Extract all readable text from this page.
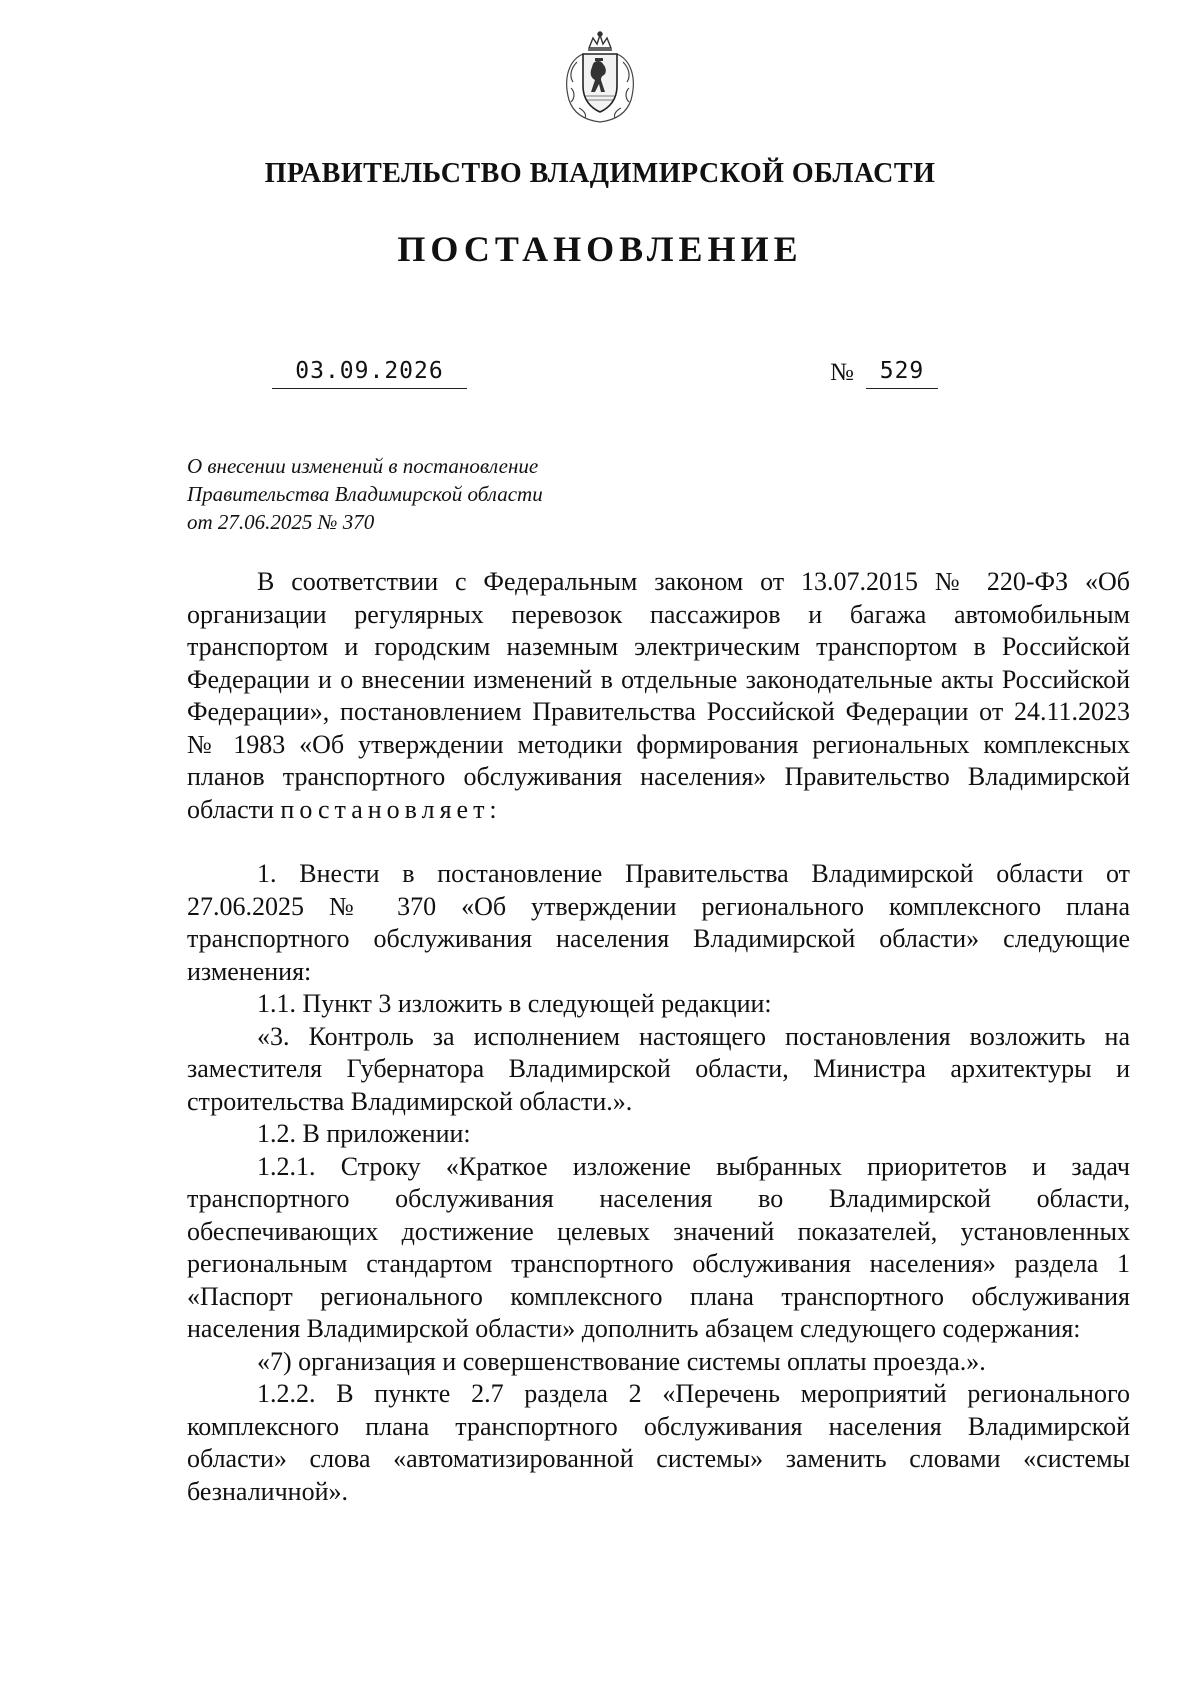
ПРАВИТЕЛЬСТВО ВЛАДИМИРСКОЙ ОБЛАСТИ
ПОСТАНОВЛЕНИЕ
03.09.2026	№	529
О внесении изменений в постановление
Правительства Владимирской области
от 27.06.2025 № 370

В соответствии с Федеральным законом от 13.07.2015 № 220-ФЗ «Об организации регулярных перевозок пассажиров и багажа автомобильным транспортом и городским наземным электрическим транспортом в Российской Федерации и о внесении изменений в отдельные законодательные акты Российской Федерации», постановлением Правительства Российской Федерации от 24.11.2023 № 1983 «Об утверждении методики формирования региональных комплексных планов транспортного обслуживания населения» Правительство Владимирской области постановляет:

1. Внести в постановление Правительства Владимирской области от 27.06.2025 № 370 «Об утверждении регионального комплексного плана транспортного обслуживания населения Владимирской области» следующие изменения:

1.1. Пункт 3 изложить в следующей редакции:

«3. Контроль за исполнением настоящего постановления возложить на заместителя Губернатора Владимирской области, Министра архитектуры и строительства Владимирской области.».

1.2. В приложении:

1.2.1. Строку «Краткое изложение выбранных приоритетов и задач транспортного обслуживания населения во Владимирской области, обеспечивающих достижение целевых значений показателей, установленных региональным стандартом транспортного обслуживания населения» раздела 1 «Паспорт регионального комплексного плана транспортного обслуживания населения Владимирской области» дополнить абзацем следующего содержания:

«7) организация и совершенствование системы оплаты проезда.».

1.2.2. В пункте 2.7 раздела 2 «Перечень мероприятий регионального комплексного плана транспортного обслуживания населения Владимирской области» слова «автоматизированной системы» заменить словами «системы безналичной».
